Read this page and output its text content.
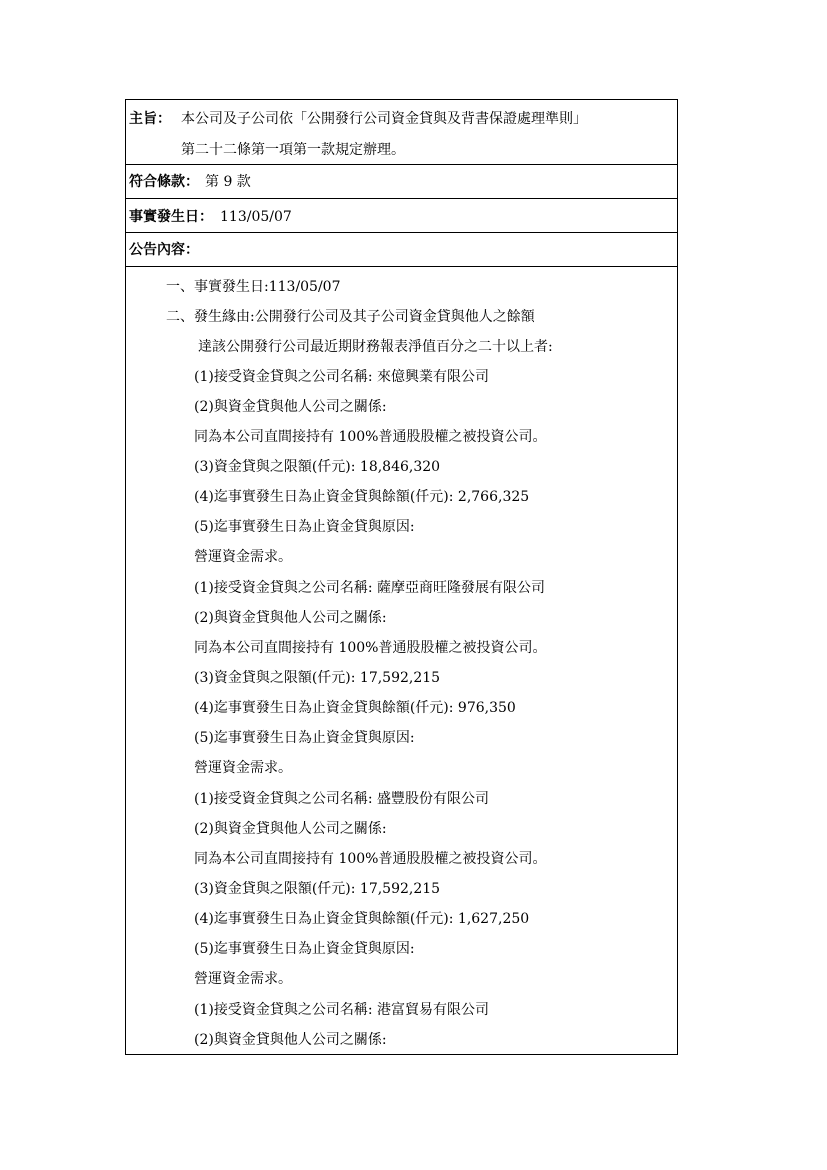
主旨： 本公司及子公司依「公開發行公司資金貸與及背書保證處理準則」
第二十二條第一項第一款規定辦理。
符合條款： 第 9 款
事實發生日： 113/05/07
公告內容：
一、事實發生日:113/05/07
二、發生緣由:公開發行公司及其子公司資金貸與他人之餘額
達該公開發行公司最近期財務報表淨值百分之二十以上者:
(1)接受資金貸與之公司名稱: 來億興業有限公司
(2)與資金貸與他人公司之關係:
同為本公司直間接持有 100%普通股股權之被投資公司。
(3)資金貸與之限額(仟元): 18,846,320
(4)迄事實發生日為止資金貸與餘額(仟元): 2,766,325
(5)迄事實發生日為止資金貸與原因:
營運資金需求。
(1)接受資金貸與之公司名稱: 薩摩亞商旺隆發展有限公司
(2)與資金貸與他人公司之關係:
同為本公司直間接持有 100%普通股股權之被投資公司。
(3)資金貸與之限額(仟元): 17,592,215
(4)迄事實發生日為止資金貸與餘額(仟元): 976,350
(5)迄事實發生日為止資金貸與原因:
營運資金需求。
(1)接受資金貸與之公司名稱: 盛豐股份有限公司
(2)與資金貸與他人公司之關係:
同為本公司直間接持有 100%普通股股權之被投資公司。
(3)資金貸與之限額(仟元): 17,592,215
(4)迄事實發生日為止資金貸與餘額(仟元): 1,627,250
(5)迄事實發生日為止資金貸與原因:
營運資金需求。
(1)接受資金貸與之公司名稱: 港富貿易有限公司
(2)與資金貸與他人公司之關係:
